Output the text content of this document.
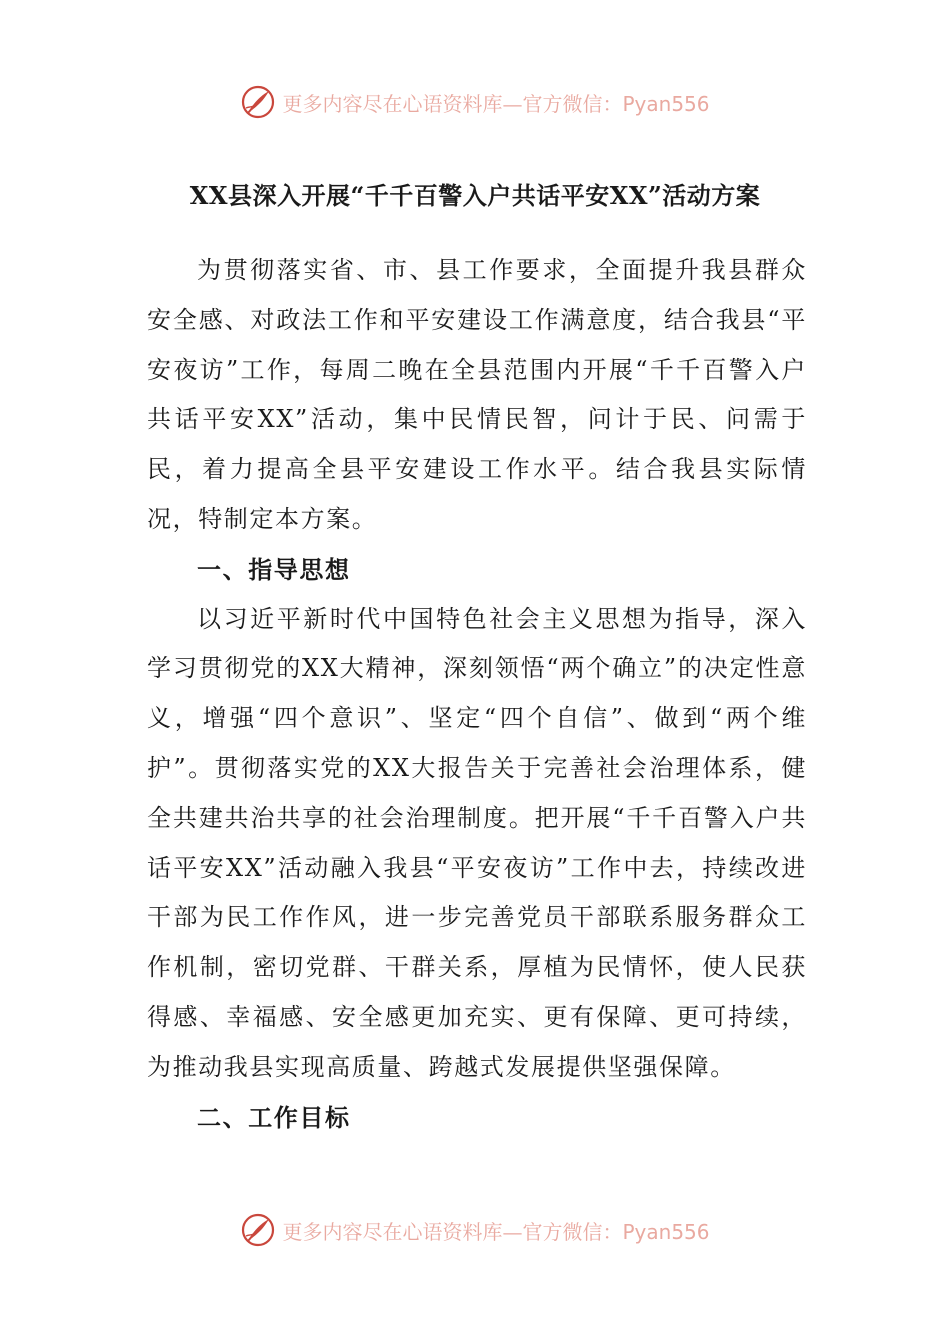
更多内容尽在心语资料库—官方微信：Pyan556
XX县深入开展“千千百警入户共话平安XX”活动方案

为贯彻落实省、市、县工作要求，全面提升我县群众安全感、对政法工作和平安建设工作满意度，结合我县“平安夜访”工作，每周二晚在全县范围内开展“千千百警入户共话平安XX”活动，集中民情民智，问计于民、问需于民，着力提高全县平安建设工作水平。结合我县实际情况，特制定本方案。

一、指导思想

以习近平新时代中国特色社会主义思想为指导，深入学习贯彻党的XX大精神，深刻领悟“两个确立”的决定性意义，增强“四个意识”、坚定“四个自信”、做到“两个维护”。贯彻落实党的XX大报告关于完善社会治理体系，健全共建共治共享的社会治理制度。把开展“千千百警入户共话平安XX”活动融入我县“平安夜访”工作中去，持续改进干部为民工作作风，进一步完善党员干部联系服务群众工作机制，密切党群、干群关系，厚植为民情怀，使人民获得感、幸福感、安全感更加充实、更有保障、更可持续，为推动我县实现高质量、跨越式发展提供坚强保障。

二、工作目标

更多内容尽在心语资料库—官方微信：Pyan556
